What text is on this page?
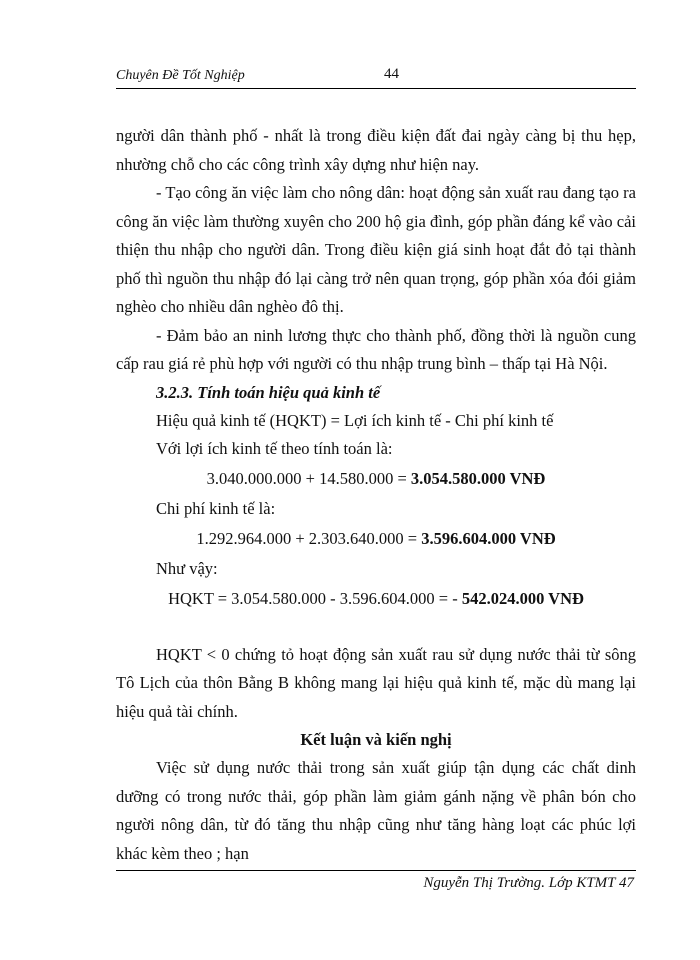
Chuyên Đề Tốt Nghiệp	44

người dân thành phố - nhất là trong điều kiện đất đai ngày càng bị thu hẹp, nhường chỗ cho các công trình xây dựng như hiện nay.

- Tạo công ăn việc làm cho nông dân: hoạt động sản xuất rau đang tạo ra công ăn việc làm thường xuyên cho 200 hộ gia đình, góp phần đáng kể vào cải thiện thu nhập cho người dân. Trong điều kiện giá sinh hoạt đắt đỏ tại thành phố thì nguồn thu nhập đó lại càng trở nên quan trọng, góp phần xóa đói giảm nghèo cho nhiều dân nghèo đô thị.

- Đảm bảo an ninh lương thực cho thành phố, đồng thời là nguồn cung cấp rau giá rẻ phù hợp với người có thu nhập trung bình – thấp tại Hà Nội.

3.2.3. Tính toán hiệu quả kinh tế

Hiệu quả kinh tế (HQKT) = Lợi ích kinh tế - Chi phí kinh tế

Với lợi ích kinh tế theo tính toán là:

3.040.000.000 + 14.580.000 = 3.054.580.000 VNĐ

Chi phí kinh tế là:

1.292.964.000 + 2.303.640.000 = 3.596.604.000 VNĐ

Như vậy:

HQKT = 3.054.580.000 - 3.596.604.000 = - 542.024.000 VNĐ

HQKT < 0 chứng tỏ hoạt động sản xuất rau sử dụng nước thải từ sông Tô Lịch của thôn Bằng B không mang lại hiệu quả kinh tế, mặc dù mang lại hiệu quả tài chính.

Kết luận và kiến nghị

Việc sử dụng nước thải trong sản xuất giúp tận dụng các chất dinh dưỡng có trong nước thải, góp phần làm giảm gánh nặng về phân bón cho người nông dân, từ đó tăng thu nhập cũng như tăng hàng loạt các phúc lợi khác kèm theo ; hạn

Nguyễn Thị Trường. Lớp KTMT 47
